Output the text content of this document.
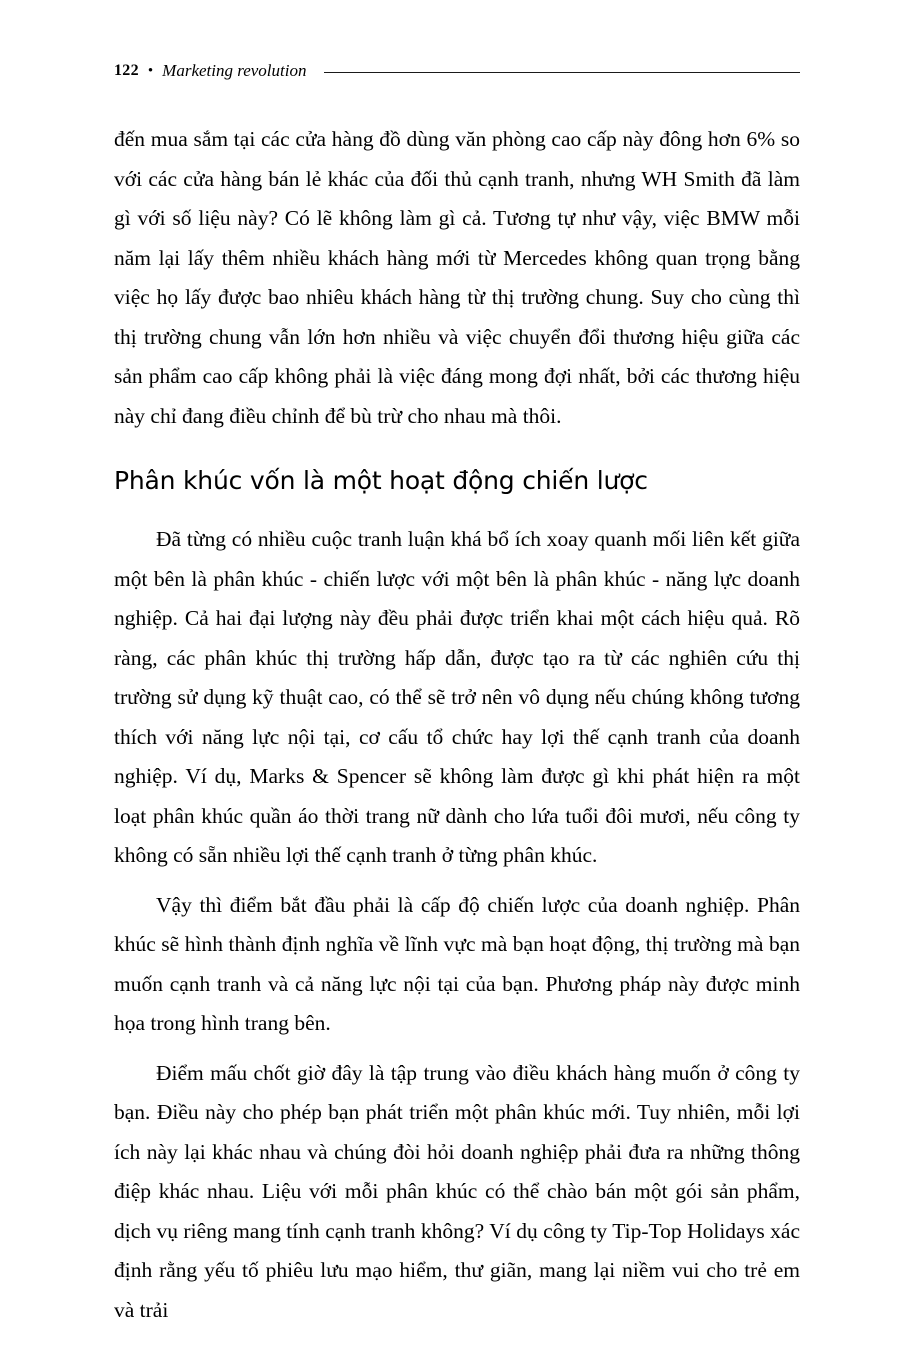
122 • Marketing revolution

đến mua sắm tại các cửa hàng đồ dùng văn phòng cao cấp này đông hơn 6% so với các cửa hàng bán lẻ khác của đối thủ cạnh tranh, nhưng WH Smith đã làm gì với số liệu này? Có lẽ không làm gì cả. Tương tự như vậy, việc BMW mỗi năm lại lấy thêm nhiều khách hàng mới từ Mercedes không quan trọng bằng việc họ lấy được bao nhiêu khách hàng từ thị trường chung. Suy cho cùng thì thị trường chung vẫn lớn hơn nhiều và việc chuyển đổi thương hiệu giữa các sản phẩm cao cấp không phải là việc đáng mong đợi nhất, bởi các thương hiệu này chỉ đang điều chỉnh để bù trừ cho nhau mà thôi.

Phân khúc vốn là một hoạt động chiến lược

Đã từng có nhiều cuộc tranh luận khá bổ ích xoay quanh mối liên kết giữa một bên là phân khúc - chiến lược với một bên là phân khúc - năng lực doanh nghiệp. Cả hai đại lượng này đều phải được triển khai một cách hiệu quả. Rõ ràng, các phân khúc thị trường hấp dẫn, được tạo ra từ các nghiên cứu thị trường sử dụng kỹ thuật cao, có thể sẽ trở nên vô dụng nếu chúng không tương thích với năng lực nội tại, cơ cấu tổ chức hay lợi thế cạnh tranh của doanh nghiệp. Ví dụ, Marks & Spencer sẽ không làm được gì khi phát hiện ra một loạt phân khúc quần áo thời trang nữ dành cho lứa tuổi đôi mươi, nếu công ty không có sẵn nhiều lợi thế cạnh tranh ở từng phân khúc.

Vậy thì điểm bắt đầu phải là cấp độ chiến lược của doanh nghiệp. Phân khúc sẽ hình thành định nghĩa về lĩnh vực mà bạn hoạt động, thị trường mà bạn muốn cạnh tranh và cả năng lực nội tại của bạn. Phương pháp này được minh họa trong hình trang bên.

Điểm mấu chốt giờ đây là tập trung vào điều khách hàng muốn ở công ty bạn. Điều này cho phép bạn phát triển một phân khúc mới. Tuy nhiên, mỗi lợi ích này lại khác nhau và chúng đòi hỏi doanh nghiệp phải đưa ra những thông điệp khác nhau. Liệu với mỗi phân khúc có thể chào bán một gói sản phẩm, dịch vụ riêng mang tính cạnh tranh không? Ví dụ công ty Tip-Top Holidays xác định rằng yếu tố phiêu lưu mạo hiểm, thư giãn, mang lại niềm vui cho trẻ em và trải
